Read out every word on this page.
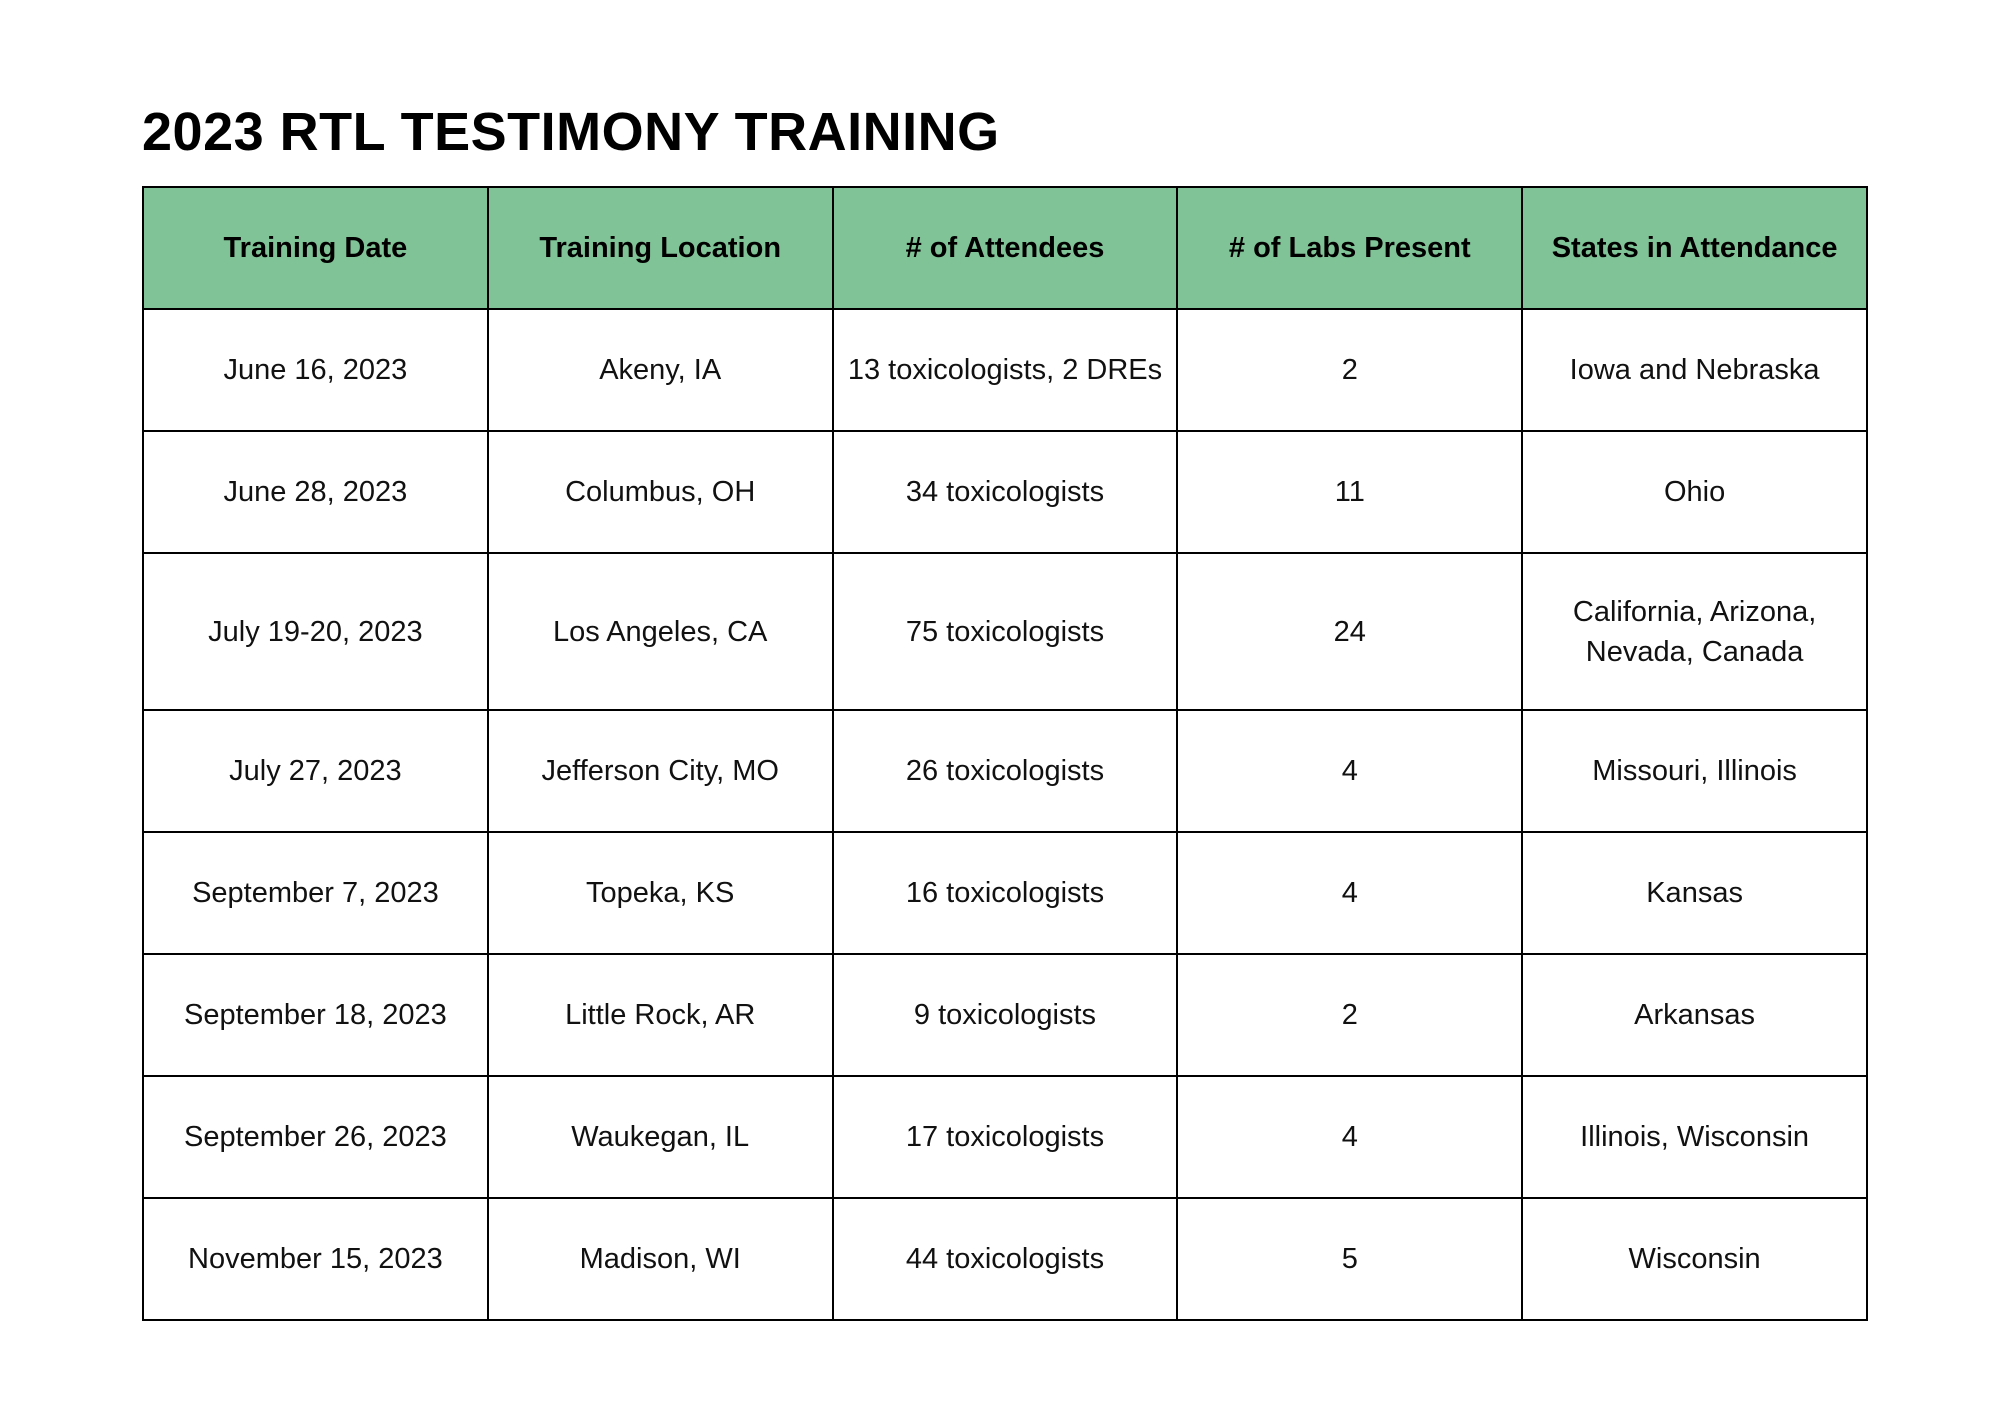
2023 RTL TESTIMONY TRAINING
Training Date	Training Location	# of Attendees	# of Labs Present	States in Attendance
June 16, 2023	Akeny, IA	13 toxicologists, 2 DREs	2	Iowa and Nebraska
June 28, 2023	Columbus, OH	34 toxicologists	11	Ohio
July 19-20, 2023	Los Angeles, CA	75 toxicologists	24	California, Arizona,
Nevada, Canada

July 27, 2023	Jefferson City, MO	26 toxicologists	4	Missouri, Illinois
September 7, 2023	Topeka, KS	16 toxicologists	4	Kansas
September 18, 2023	Little Rock, AR	9 toxicologists	2	Arkansas
September 26, 2023	Waukegan, IL	17 toxicologists	4	Illinois, Wisconsin
November 15, 2023	Madison, WI	44 toxicologists	5	Wisconsin
